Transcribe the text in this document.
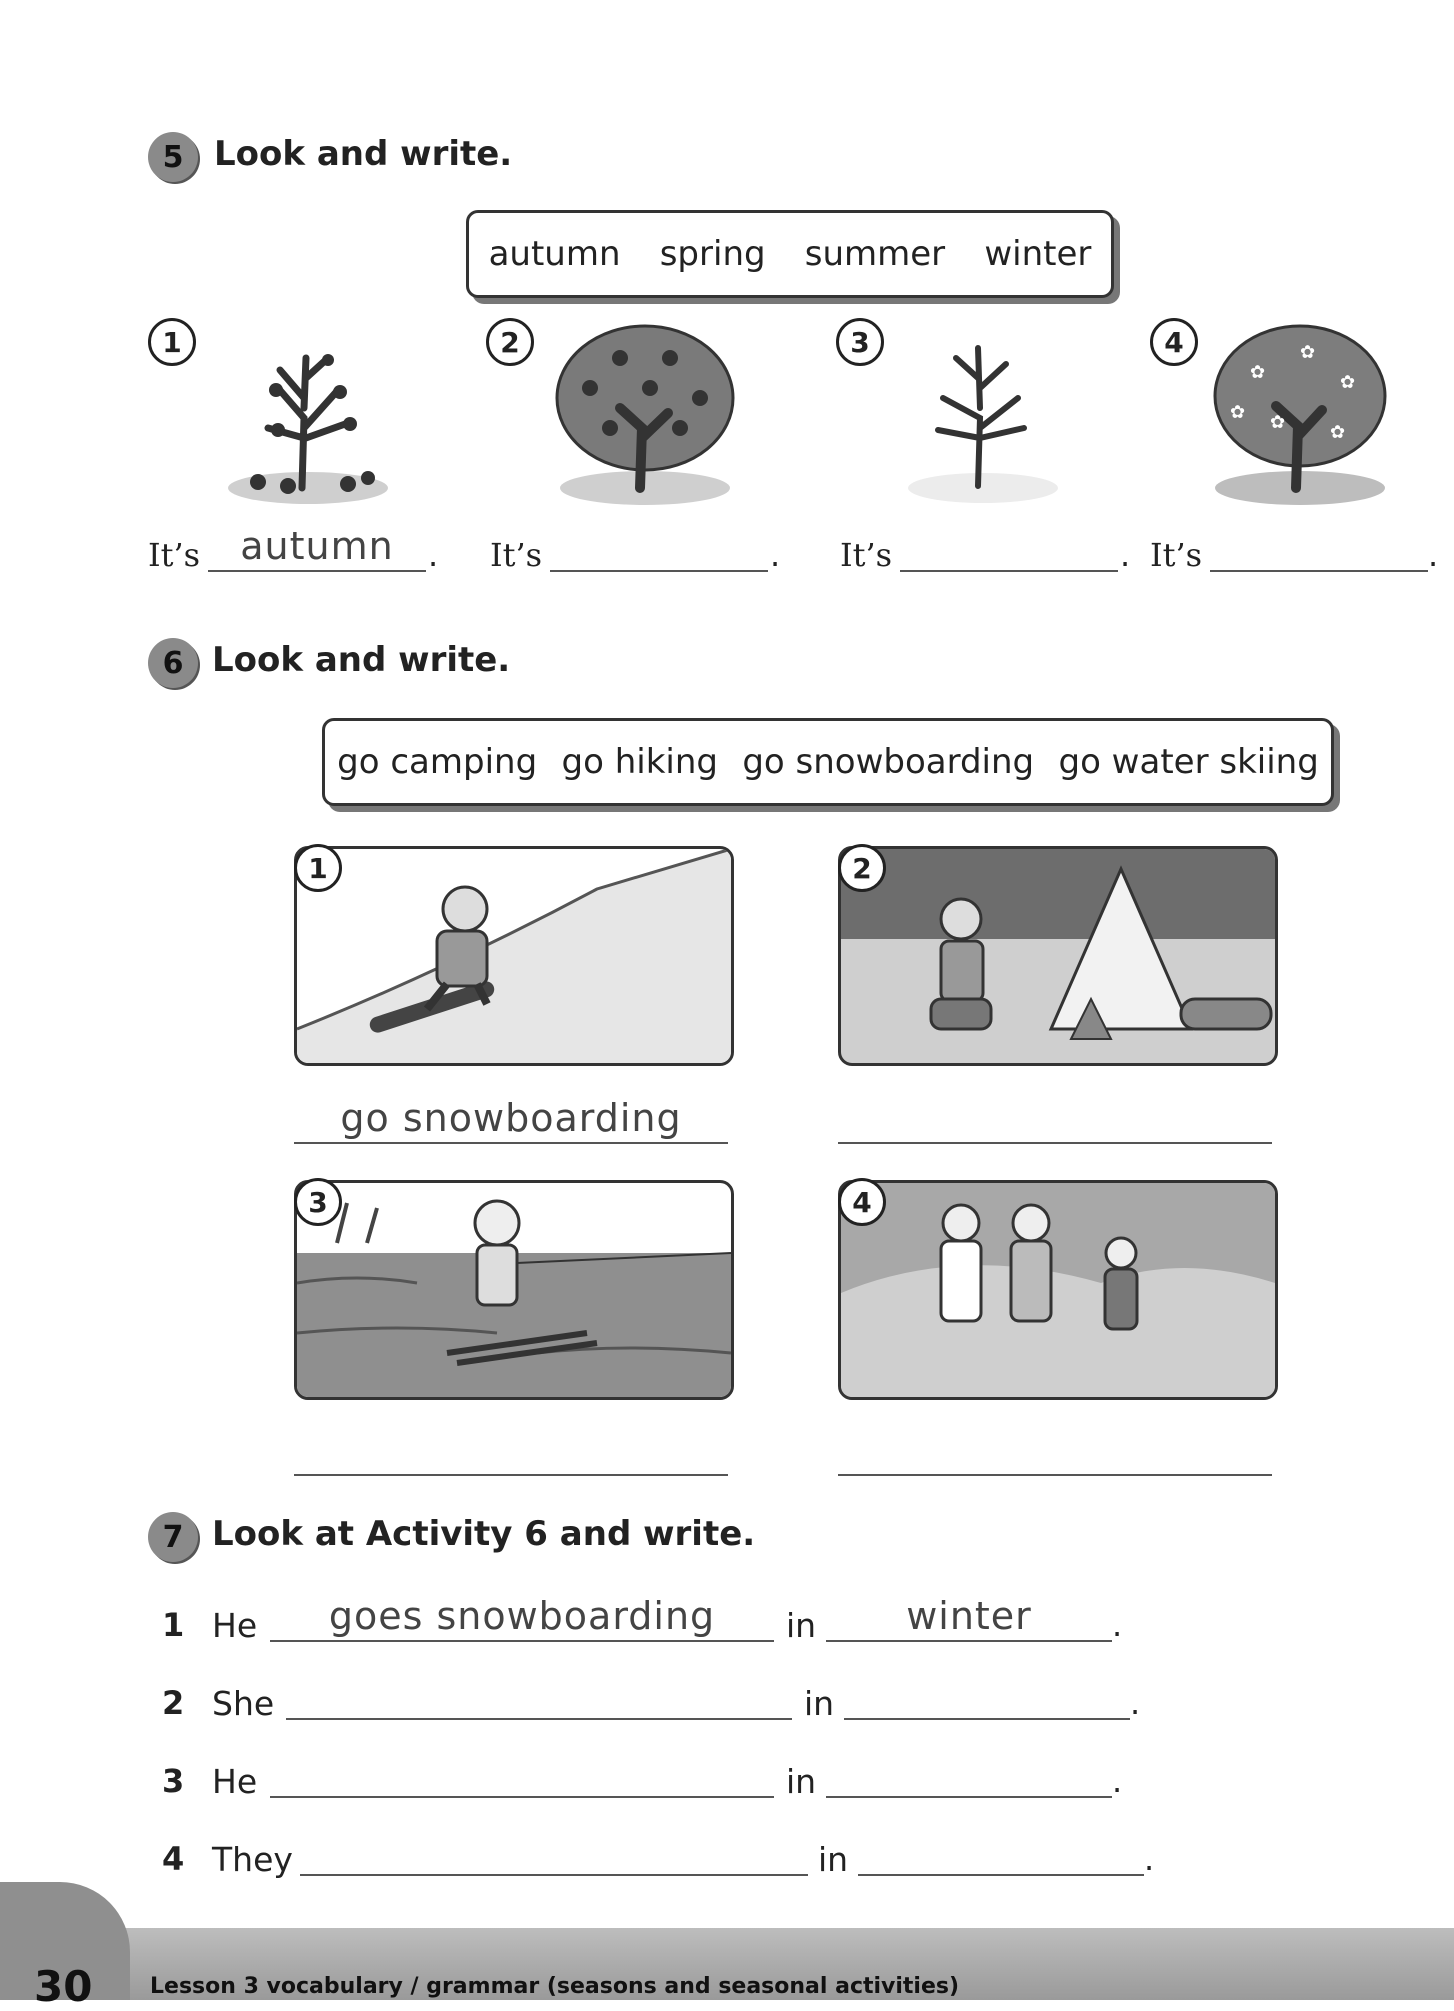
5 Look and write.
autumn spring summer winter
1	2	3	4
✿
✿
✿
✿ ✿
✿
It’s	autumn	. It’s	. It’s	. It’s	.
6 Look and write.
go camping go hiking go snowboarding go water skiing
1
go snowboarding
2
3	4
7 Look at Activity 6 and write.
1 He	goes snowboarding	in	winter	.
2 She	in	.
3 He	in	.
4 They	in	.
30	Lesson 3 vocabulary / grammar (seasons and seasonal activities)
